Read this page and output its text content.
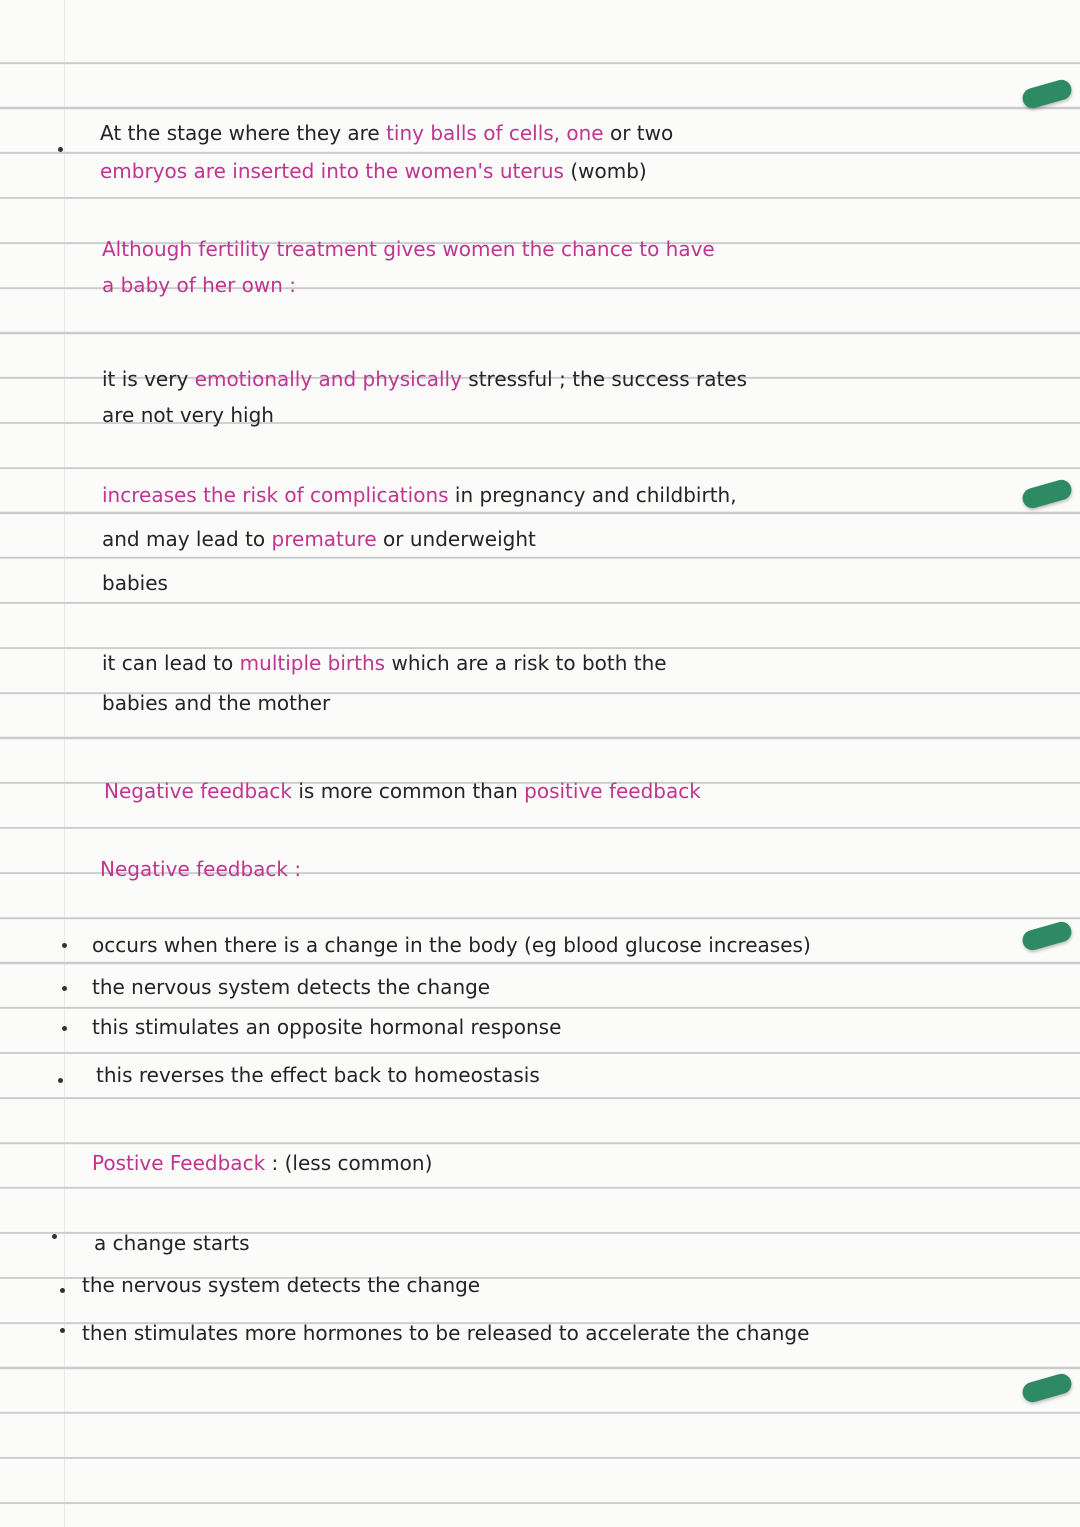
At the stage where they are tiny balls of cells, one or two
embryos are inserted into the women's uterus (womb)
Although fertility treatment gives women the chance to have
a baby of her own :
it is very emotionally and physically stressful ; the success rates
are not very high
increases the risk of complications in pregnancy and childbirth,
and may lead to premature or underweight
babies
it can lead to multiple births which are a risk to both the
babies and the mother
Negative feedback is more common than positive feedback
Negative feedback :
occurs when there is a change in the body (eg blood glucose increases)
the nervous system detects the change
this stimulates an opposite hormonal response
this reverses the effect back to homeostasis
Postive Feedback : (less common)
a change starts
the nervous system detects the change
then stimulates more hormones to be released to accelerate the change
